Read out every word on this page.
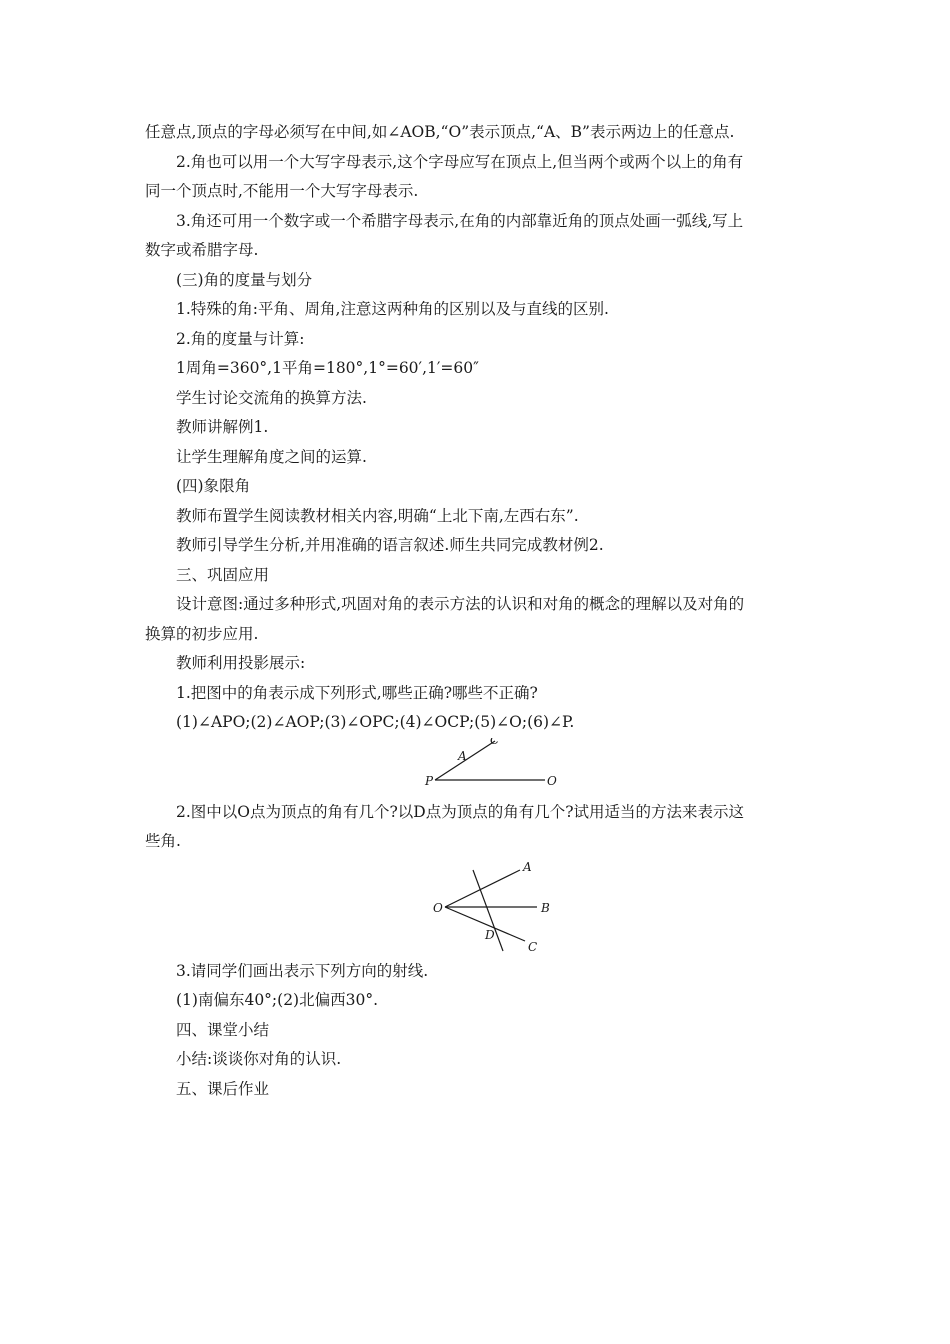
任意点,顶点的字母必须写在中间,如∠AOB,“O”表示顶点,“A、B”表示两边上的任意点.
2.角也可以用一个大写字母表示,这个字母应写在顶点上,但当两个或两个以上的角有
同一个顶点时,不能用一个大写字母表示.
3.角还可用一个数字或一个希腊字母表示,在角的内部靠近角的顶点处画一弧线,写上
数字或希腊字母.
(三)角的度量与划分
1.特殊的角:平角、周角,注意这两种角的区别以及与直线的区别.
2.角的度量与计算:
1周角=360°,1平角=180°,1°=60′,1′=60″
学生讨论交流角的换算方法.
教师讲解例1.
让学生理解角度之间的运算.
(四)象限角
教师布置学生阅读教材相关内容,明确“上北下南,左西右东”.
教师引导学生分析,并用准确的语言叙述.师生共同完成教材例2.
三、巩固应用
设计意图:通过多种形式,巩固对角的表示方法的认识和对角的概念的理解以及对角的
换算的初步应用.
教师利用投影展示:
1.把图中的角表示成下列形式,哪些正确?哪些不正确?
(1)∠APO;(2)∠AOP;(3)∠OPC;(4)∠OCP;(5)∠O;(6)∠P.
A
C
P	O
2.图中以O点为顶点的角有几个?以D点为顶点的角有几个?试用适当的方法来表示这
些角.
A
B
C
D
O
3.请同学们画出表示下列方向的射线.
(1)南偏东40°;(2)北偏西30°.
四、课堂小结
小结:谈谈你对角的认识.
五、课后作业
